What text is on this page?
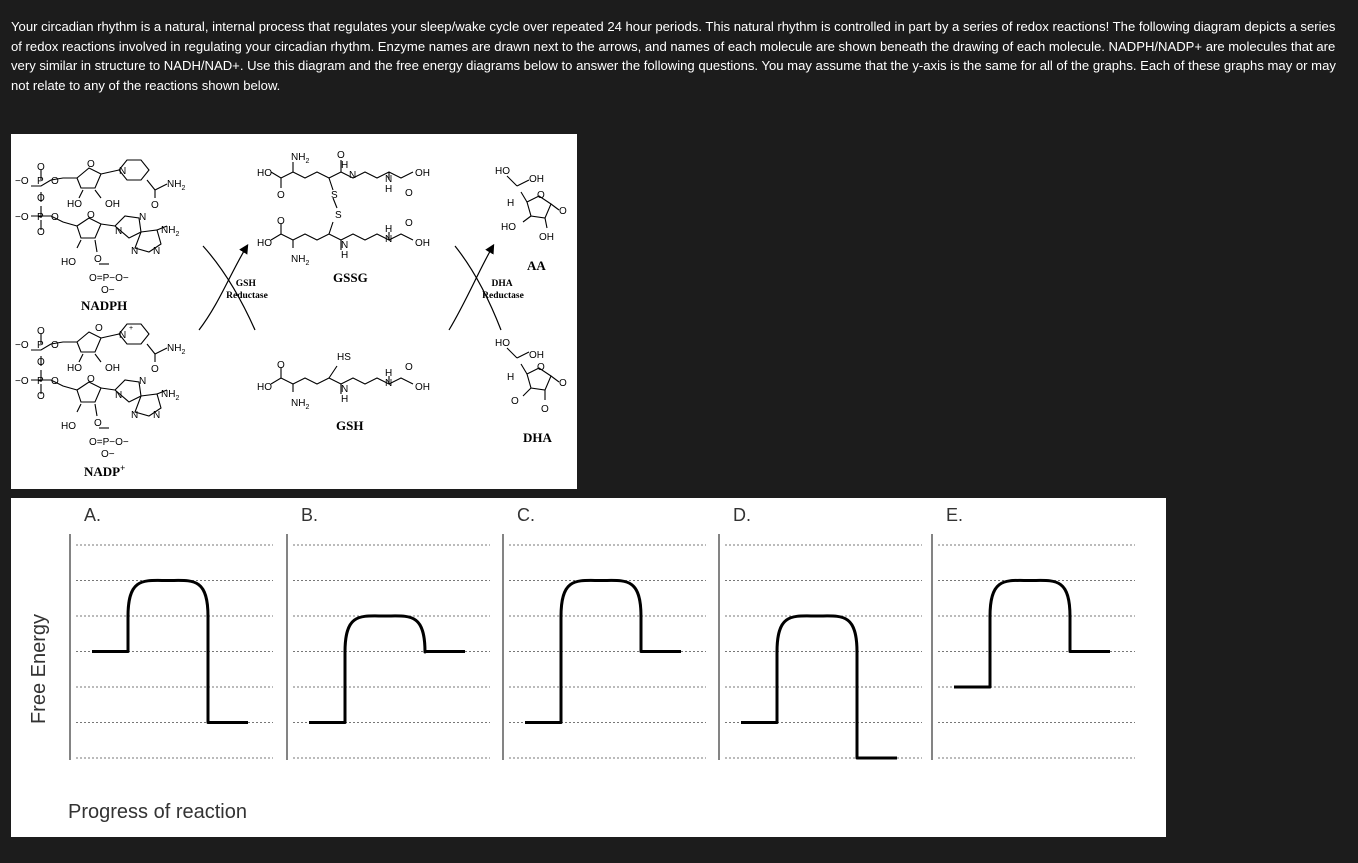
Your circadian rhythm is a natural, internal process that regulates your sleep/wake cycle over repeated 24 hour periods. This natural rhythm is controlled in part by a series of redox reactions! The following diagram depicts a series of redox reactions involved in regulating your circadian rhythm. Enzyme names are drawn next to the arrows, and names of each molecule are shown beneath the drawing of each molecule. NADPH/NADP+ are molecules that are very similar in structure to NADH/NAD+. Use this diagram and the free energy diagrams below to answer the following questions. You may assume that the y-axis is the same for all of the graphs. Each of these graphs may or may not relate to any of the reactions shown below.

−O
O
P
O
O
O
N
$NH_2$
O
HO OH
−O P
O
O	O
N
N
$NH_2$
N N
HO O
O=P−O−
O−
NADPH
−O
O
P
O
O
O
N
+
$NH_2$
O
HO OH
−O P
O
O	O
N
N
$NH_2$
N N
HO O
O=P−O−
O−
NADP+
GSH Reductase
$NH_2$
HO
O
O
H
N	N
H
OH
O
S
S
O
HO	N
H
H
N OH
O
$NH_2$
GSSG
HS
O
HO	N
H
H
N OH
O
$NH_2$
GSH
DHA Reductase
HO
OH
H
O
O
HO
OH
AA
HO
OH
H
O
O
O
O
DHA
Free Energy
Progress of reaction
A.	B.	C.	D.	E.
